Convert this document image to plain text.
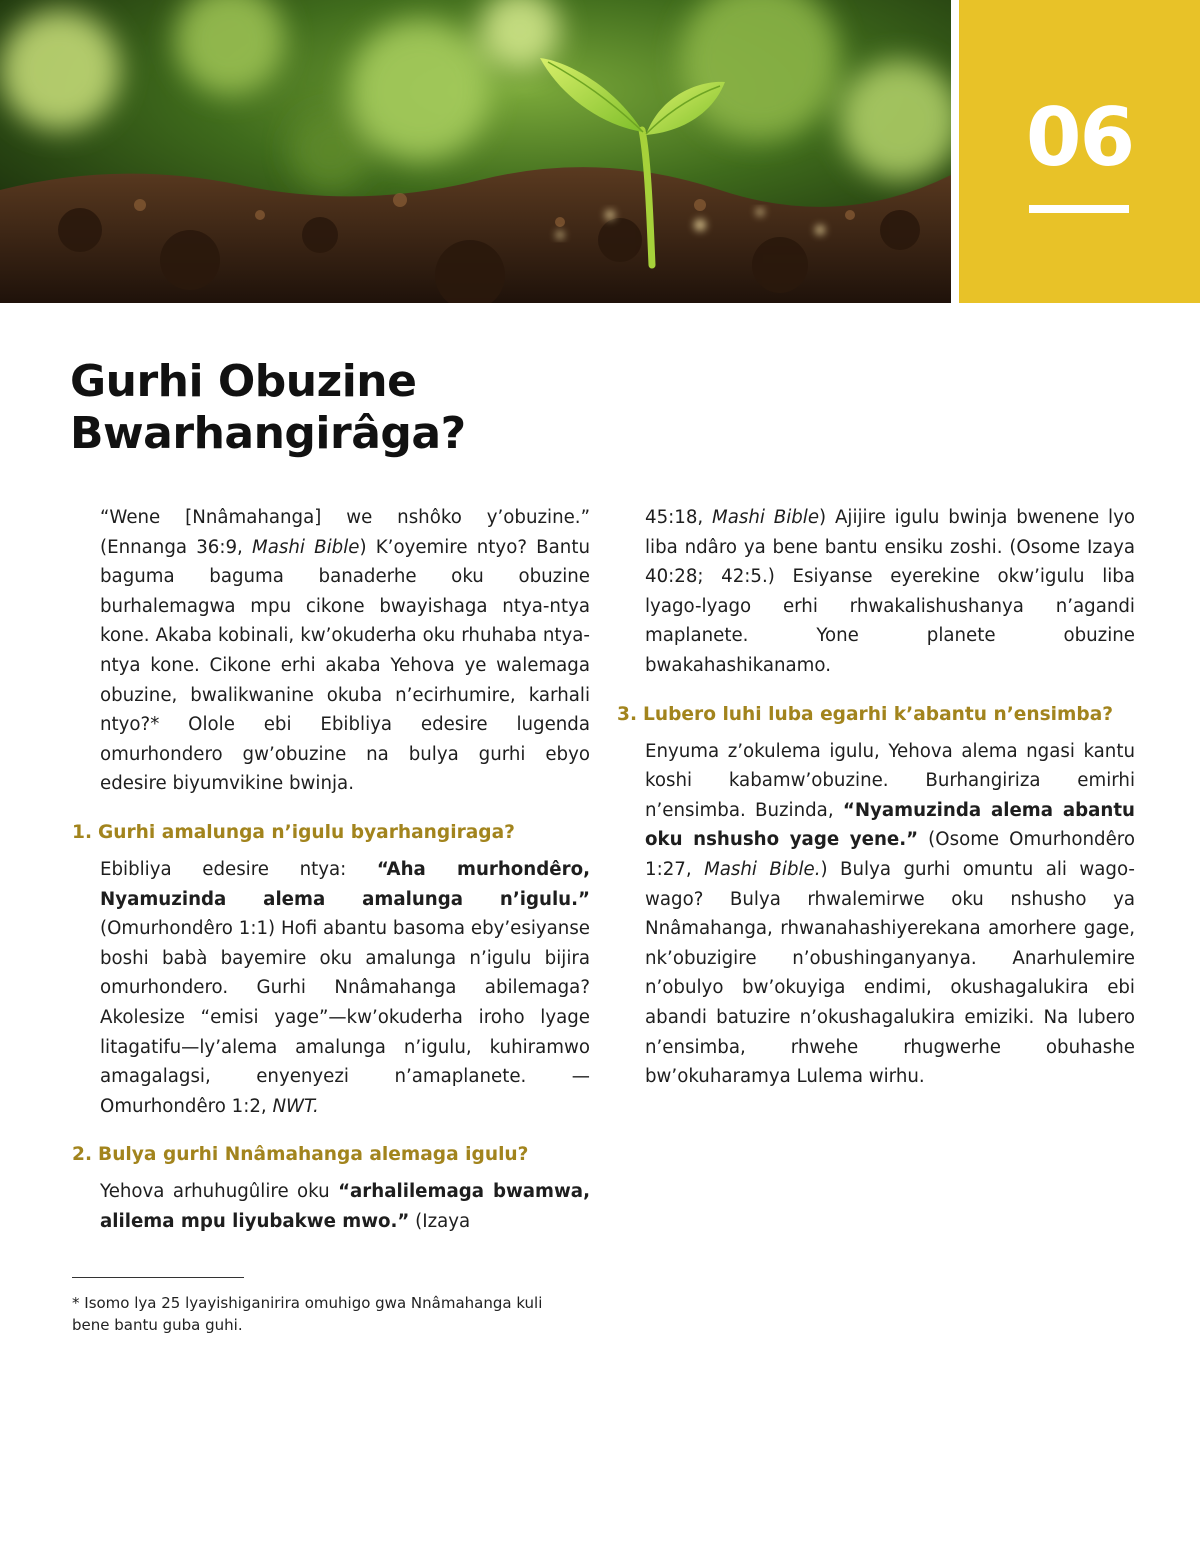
06
Gurhi Obuzine
Bwarhangirâga?

“Wene [Nnâmahanga] we nshôko y’obuzine.” (Ennanga 36:9, Mashi Bible) K’oyemire ntyo? Bantu baguma baguma banaderhe oku obuzine burhalemagwa mpu cikone bwayishaga ntya-ntya kone. Akaba kobinali, kw’okuderha oku rhuhaba ntya-ntya kone. Cikone erhi akaba Yehova ye walemaga obuzine, bwalikwanine okuba n’ecirhumire, karhali ntyo?* Olole ebi Ebibliya edesire lugenda omurhondero gw’obuzine na bulya gurhi ebyo edesire biyumvikine bwinja.

1. Gurhi amalunga n’igulu byarhangiraga?

Ebibliya edesire ntya: “Aha murhondêro, Nyamuzinda alema amalunga n’igulu.” (Omurhondêro 1:1) Hofi abantu basoma eby’esiyanse boshi babà bayemire oku amalunga n’igulu bijira omurhondero. Gurhi Nnâmahanga abilemaga? Akolesize “emisi yage”—kw’okuderha iroho lyage litagatifu—ly’alema amalunga n’igulu, kuhiramwo amagalagsi, enyenyezi n’amaplanete. —Omurhondêro 1:2, NWT.

2. Bulya gurhi Nnâmahanga alemaga igulu?

Yehova arhuhugûlire oku “arhalilemaga bwamwa, alilema mpu liyubakwe mwo.” (Izaya

45:18, Mashi Bible) Ajijire igulu bwinja bwenene lyo liba ndâro ya bene bantu ensiku zoshi. (Osome Izaya 40:28; 42:5.) Esiyanse eyerekine okw’igulu liba lyago-lyago erhi rhwakalishushanya n’agandi maplanete. Yone planete obuzine bwakahashikanamo.

3. Lubero luhi luba egarhi k’abantu n’ensimba?

Enyuma z’okulema igulu, Yehova alema ngasi kantu koshi kabamw’obuzine. Burhangiriza emirhi n’ensimba. Buzinda, “Nyamuzinda alema abantu oku nshusho yage yene.” (Osome Omurhondêro 1:27, Mashi Bible.) Bulya gurhi omuntu ali wago-wago? Bulya rhwalemirwe oku nshusho ya Nnâmahanga, rhwanahashiyerekana amorhere gage, nk’obuzigire n’obushinganyanya. Anarhulemire n’obulyo bw’okuyiga endimi, okushagalukira ebi abandi batuzire n’okushagalukira emiziki. Na lubero n’ensimba, rhwehe rhugwerhe obuhashe bw’okuharamya Lulema wirhu.

* Isomo lya 25 lyayishiganirira omuhigo gwa Nnâmahanga kuli bene bantu guba guhi.
